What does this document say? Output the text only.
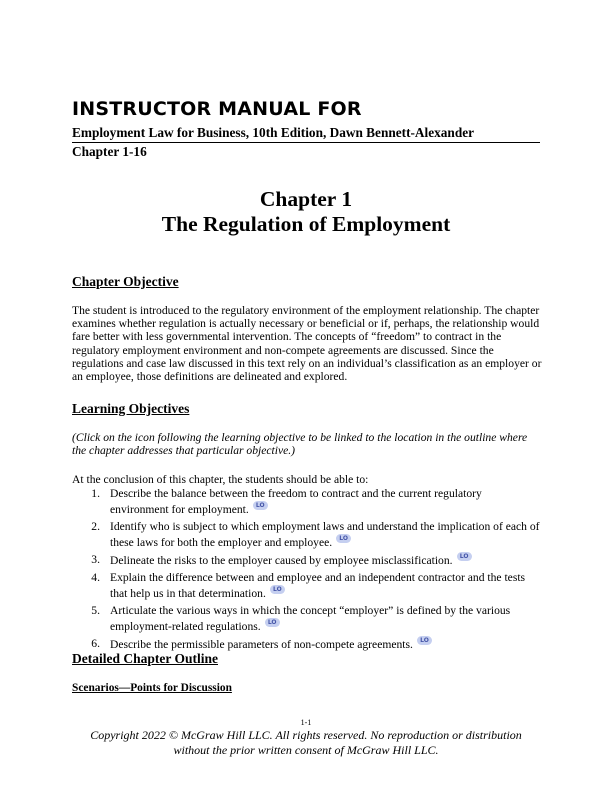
INSTRUCTOR MANUAL FOR
Employment Law for Business, 10th Edition, Dawn Bennett-Alexander
Chapter 1-16
Chapter 1
The Regulation of Employment
Chapter Objective
The student is introduced to the regulatory environment of the employment relationship. The chapter examines whether regulation is actually necessary or beneficial or if, perhaps, the relationship would fare better with less governmental intervention. The concepts of “freedom” to contract in the regulatory employment environment and non-compete agreements are discussed. Since the regulations and case law discussed in this text rely on an individual’s classification as an employer or an employee, those definitions are delineated and explored.
Learning Objectives
(Click on the icon following the learning objective to be linked to the location in the outline where the chapter addresses that particular objective.)
At the conclusion of this chapter, the students should be able to:
1. Describe the balance between the freedom to contract and the current regulatory environment for employment. LO
2. Identify who is subject to which employment laws and understand the implication of each of these laws for both the employer and employee. LO
3. Delineate the risks to the employer caused by employee misclassification. LO
4. Explain the difference between and employee and an independent contractor and the tests that help us in that determination. LO
5. Articulate the various ways in which the concept “employer” is defined by the various employment-related regulations. LO
6. Describe the permissible parameters of non-compete agreements. LO
Detailed Chapter Outline
Scenarios—Points for Discussion
1-1
Copyright 2022 © McGraw Hill LLC. All rights reserved. No reproduction or distribution
without the prior written consent of McGraw Hill LLC.
